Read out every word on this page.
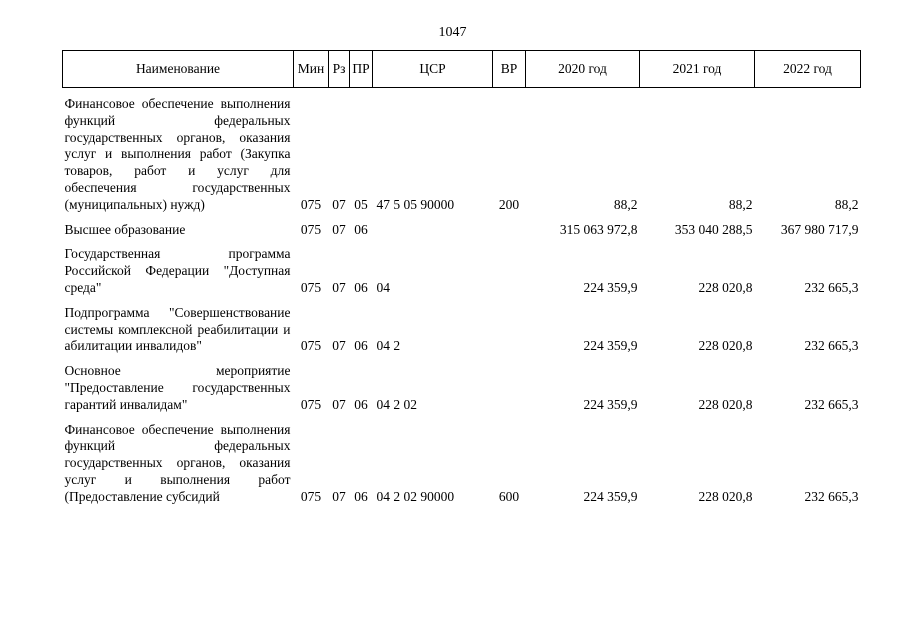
1047
Наименование	Мин	Рз	ПР	ЦСР	ВР	2020 год	2021 год	2022 год
Финансовое обеспечение выполнения функций федеральных государственных органов, оказания услуг и выполнения работ (Закупка товаров, работ и услуг для обеспечения государственных (муниципальных) нужд)	075	07	05	47 5 05 90000	200	88,2	88,2	88,2
Высшее образование	075	07	06			315 063 972,8	353 040 288,5	367 980 717,9
Государственная программа Российской Федерации "Доступная среда"	075	07	06	04		224 359,9	228 020,8	232 665,3
Подпрограмма "Совершенствование системы комплексной реабилитации и абилитации инвалидов"	075	07	06	04 2		224 359,9	228 020,8	232 665,3
Основное мероприятие "Предоставление государственных гарантий инвалидам"	075	07	06	04 2 02		224 359,9	228 020,8	232 665,3
Финансовое обеспечение выполнения функций федеральных государственных органов, оказания услуг и выполнения работ (Предоставление субсидий	075	07	06	04 2 02 90000	600	224 359,9	228 020,8	232 665,3
